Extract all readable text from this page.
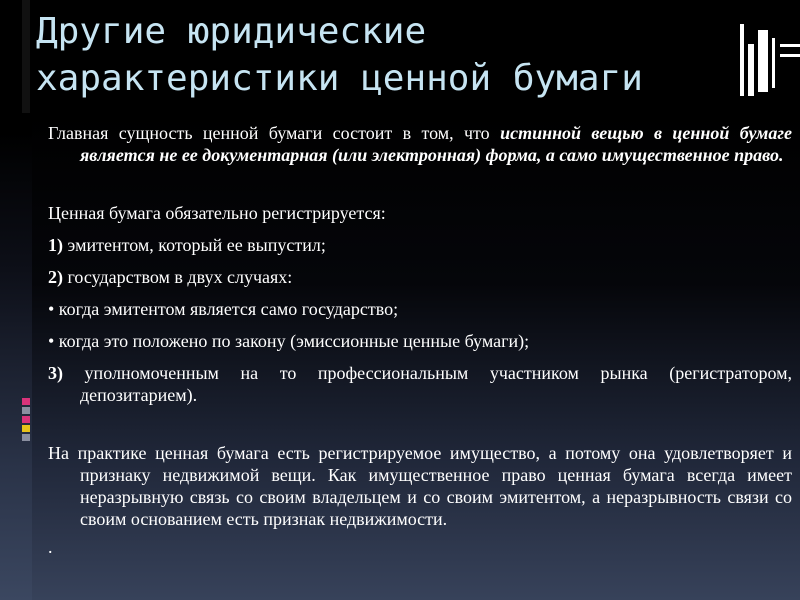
Другие юридические
характеристики ценной бумаги

Главная сущность ценной бумаги состоит в том, что истинной вещью в ценной бумаге является не ее документарная (или электронная) форма, а само имущественное право.

Ценная бумага обязательно регистрируется:

1) эмитентом, который ее выпустил;

2) государством в двух случаях:

• когда эмитентом является само государство;

• когда это положено по закону (эмиссионные ценные бумаги);

3) уполномоченным на то профессиональным участником рынка (регистратором, депозитарием).

На практике ценная бумага есть регистрируемое имущество, а потому она удовлетворяет и признаку недвижимой вещи. Как имущественное право ценная бумага всегда имеет неразрывную связь со своим владельцем и со своим эмитентом, а неразрывность связи со своим основанием есть признак недвижимости.

.
